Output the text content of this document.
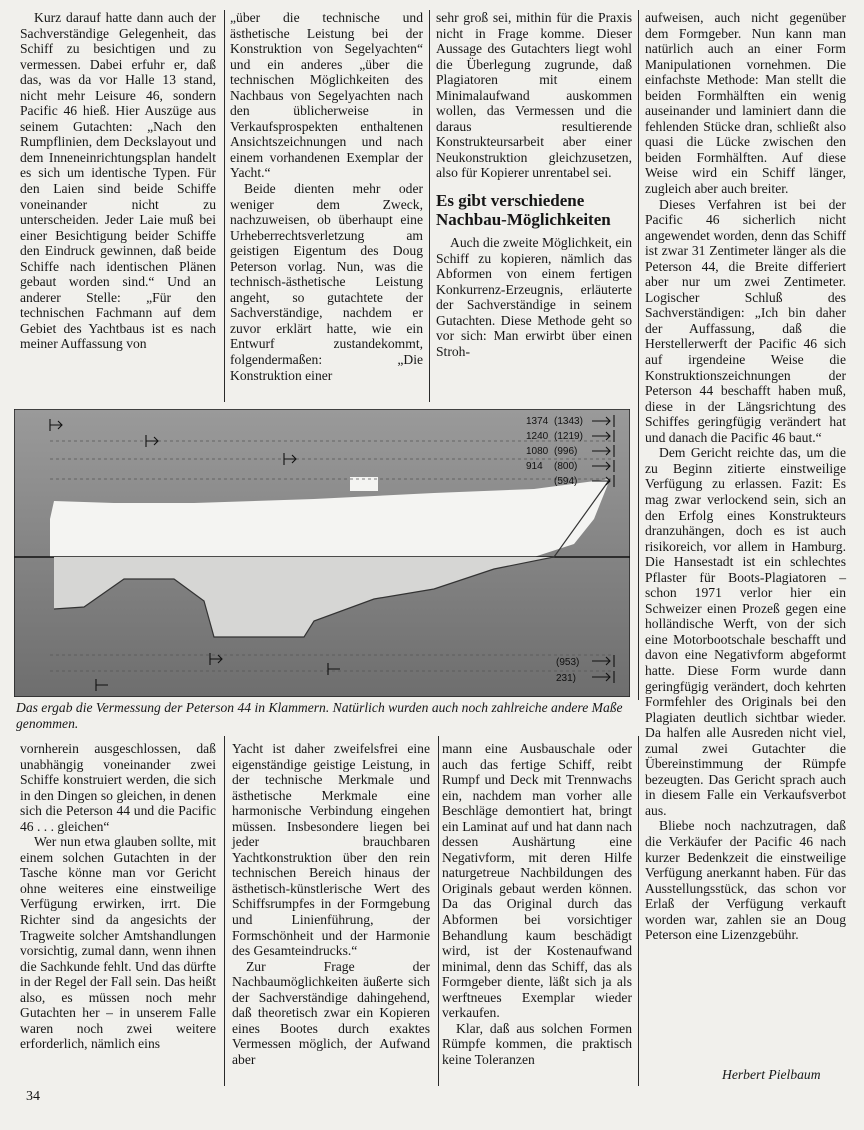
Kurz darauf hatte dann auch der Sachverständige Gelegenheit, das Schiff zu besichtigen und zu vermessen. Dabei erfuhr er, daß das, was da vor Halle 13 stand, nicht mehr Leisure 46, sondern Pacific 46 hieß. Hier Auszüge aus seinem Gutachten: „Nach den Rumpflinien, dem Deckslayout und dem Inneneinrichtungsplan handelt es sich um identische Typen. Für den Laien sind beide Schiffe voneinander nicht zu unterscheiden. Jeder Laie muß bei einer Besichtigung beider Schiffe den Eindruck gewinnen, daß beide Schiffe nach identischen Plänen gebaut worden sind.“ Und an anderer Stelle: „Für den technischen Fachmann auf dem Gebiet des Yachtbaus ist es nach meiner Auffassung von

„über die technische und ästhetische Leistung bei der Konstruktion von Segelyachten“ und ein anderes „über die technischen Möglichkeiten des Nachbaus von Segelyachten nach den üblicherweise in Verkaufsprospekten enthaltenen Ansichtszeichnungen und nach einem vorhandenen Exemplar der Yacht.“

Beide dienten mehr oder weniger dem Zweck, nachzuweisen, ob überhaupt eine Urheberrechtsverletzung am geistigen Eigentum des Doug Peterson vorlag. Nun, was die technisch-ästhetische Leistung angeht, so gutachtete der Sachverständige, nachdem er zuvor erklärt hatte, wie ein Entwurf zustandekommt, folgendermaßen: „Die Konstruktion einer

sehr groß sei, mithin für die Praxis nicht in Frage komme. Dieser Aussage des Gutachters liegt wohl die Überlegung zugrunde, daß Plagiatoren mit einem Minimalaufwand auskommen wollen, das Vermessen und die daraus resultierende Konstrukteursarbeit aber einer Neukonstruktion gleichzusetzen, also für Kopierer unrentabel sei.

Es gibt verschiedene Nachbau-Möglichkeiten

Auch die zweite Möglichkeit, ein Schiff zu kopieren, nämlich das Abformen von einem fertigen Konkurrenz-Erzeugnis, erläuterte der Sachverständige in seinem Gutachten. Diese Methode geht so vor sich: Man erwirbt über einen Stroh-

aufweisen, auch nicht gegenüber dem Formgeber. Nun kann man natürlich auch an einer Form Manipulationen vornehmen. Die einfachste Methode: Man stellt die beiden Formhälften ein wenig auseinander und laminiert dann die fehlenden Stücke dran, schließt also quasi die Lücke zwischen den beiden Formhälften. Auf diese Weise wird ein Schiff länger, zugleich aber auch breiter.

Dieses Verfahren ist bei der Pacific 46 sicherlich nicht angewendet worden, denn das Schiff ist zwar 31 Zentimeter länger als die Peterson 44, die Breite differiert aber nur um zwei Zentimeter. Logischer Schluß des Sachverständigen: „Ich bin daher der Auffassung, daß die Herstellerwerft der Pacific 46 sich auf irgendeine Weise die Konstruktionszeichnungen der Peterson 44 beschafft haben muß, diese in der Längsrichtung des Schiffes geringfügig verändert hat und danach die Pacific 46 baut.“

Dem Gericht reichte das, um die zu Beginn zitierte einstweilige Verfügung zu erlassen. Fazit: Es mag zwar verlockend sein, sich an den Erfolg eines Konstrukteurs dranzuhängen, doch es ist auch risikoreich, vor allem in Hamburg. Die Hansestadt ist ein schlechtes Pflaster für Boots-Plagiatoren – schon 1971 verlor hier ein Schweizer einen Prozeß gegen eine holländische Werft, von der sich eine Motorbootschale beschafft und davon eine Negativform abgeformt hatte. Diese Form wurde dann geringfügig verändert, doch kehrten Formfehler des Originals bei den Plagiaten deutlich sichtbar wieder. Da halfen alle Ausreden nicht viel, zumal zwei Gutachter die Übereinstimmung der Rümpfe bezeugten. Das Gericht sprach auch in diesem Falle ein Verkaufsverbot aus.

Bliebe noch nachzutragen, daß die Verkäufer der Pacific 46 nach kurzer Bedenkzeit die einstweilige Verfügung anerkannt haben. Für das Ausstellungsstück, das schon vor Erlaß der Verfügung verkauft worden war, zahlen sie an Doug Peterson eine Lizenzgebühr.

1374 (1343)
1240 (1219)
1080 (996)
914 (800)
(594)
(953)
231)
Das ergab die Vermessung der Peterson 44 in Klammern. Natürlich wurden auch noch zahlreiche andere Maße genommen.

vornherein ausgeschlossen, daß unabhängig voneinander zwei Schiffe konstruiert werden, die sich in den Dingen so gleichen, in denen sich die Peterson 44 und die Pacific 46 . . . gleichen“

Wer nun etwa glauben sollte, mit einem solchen Gutachten in der Tasche könne man vor Gericht ohne weiteres eine einstweilige Verfügung erwirken, irrt. Die Richter sind da angesichts der Tragweite solcher Amtshandlungen vorsichtig, zumal dann, wenn ihnen die Sachkunde fehlt. Und das dürfte in der Regel der Fall sein. Das heißt also, es müssen noch mehr Gutachten her – in unserem Falle waren noch zwei weitere erforderlich, nämlich eins

Yacht ist daher zweifelsfrei eine eigenständige geistige Leistung, in der technische Merkmale und ästhetische Merkmale eine harmonische Verbindung eingehen müssen. Insbesondere liegen bei jeder brauchbaren Yachtkonstruktion über den rein technischen Bereich hinaus der ästhetisch-künstlerische Wert des Schiffsrumpfes in der Formgebung und Linienführung, der Formschönheit und der Harmonie des Gesamteindrucks.“

Zur Frage der Nachbaumöglichkeiten äußerte sich der Sachverständige dahingehend, daß theoretisch zwar ein Kopieren eines Bootes durch exaktes Vermessen möglich, der Aufwand aber

mann eine Ausbauschale oder auch das fertige Schiff, reibt Rumpf und Deck mit Trennwachs ein, nachdem man vorher alle Beschläge demontiert hat, bringt ein Laminat auf und hat dann nach dessen Aushärtung eine Negativform, mit deren Hilfe naturgetreue Nachbildungen des Originals gebaut werden können. Da das Original durch das Abformen bei vorsichtiger Behandlung kaum beschädigt wird, ist der Kostenaufwand minimal, denn das Schiff, das als Formgeber diente, läßt sich ja als werftneues Exemplar wieder verkaufen.

Klar, daß aus solchen Formen Rümpfe kommen, die praktisch keine Toleranzen

Herbert Pielbaum
34
